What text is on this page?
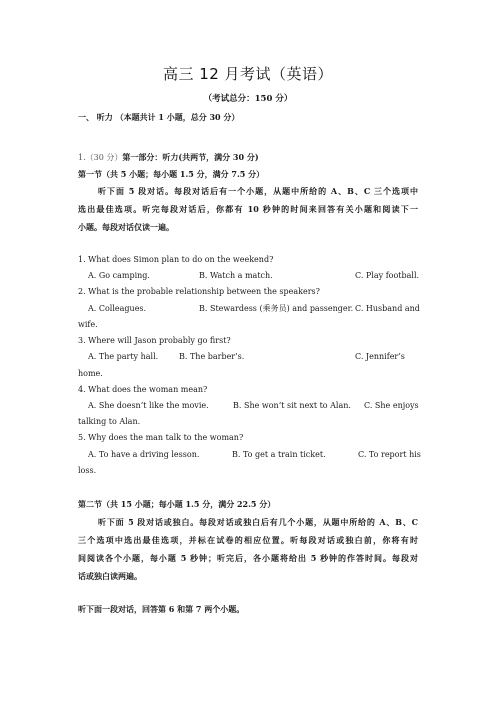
高三 12 月考试（英语）
（考试总分：150 分）
一、 听力 （本题共计 1 小题，总分 30 分）
1.（30 分）第一部分：听力(共两节，满分 30 分)
第一节（共 5 小题；每小题 1.5 分，满分 7.5 分）
听下面 5 段对话。每段对话后有一个小题，从题中所给的 A、B、C 三个选项中
选出最佳选项。听完每段对话后，你都有 10 秒钟的时间来回答有关小题和阅读下一
小题。每段对话仅读一遍。
1. What does Simon plan to do on the weekend?
A. Go camping.	B. Watch a match.	C. Play football.
2. What is the probable relationship between the speakers?
A. Colleagues.	B. Stewardess (乘务员) and passenger. C. Husband and
wife.
3. Where will Jason probably go first?
A. The party hall.	B. The barber’s.	C. Jennifer’s
home.
4. What does the woman mean?
A. She doesn’t like the movie.	B. She won’t sit next to Alan. C. She enjoys
talking to Alan.
5. Why does the man talk to the woman?
A. To have a driving lesson.	B. To get a train ticket.	C. To report his
loss.
第二节（共 15 小题；每小题 1.5 分，满分 22.5 分）
听下面 5 段对话或独白。每段对话或独白后有几个小题，从题中所给的 A、B、C
三个选项中选出最佳选项，并标在试卷的相应位置。听每段对话或独白前，你将有时
间阅读各个小题，每小题 5 秒钟；听完后，各小题将给出 5 秒钟的作答时间。每段对
话或独白读两遍。
听下面一段对话，回答第 6 和第 7 两个小题。
